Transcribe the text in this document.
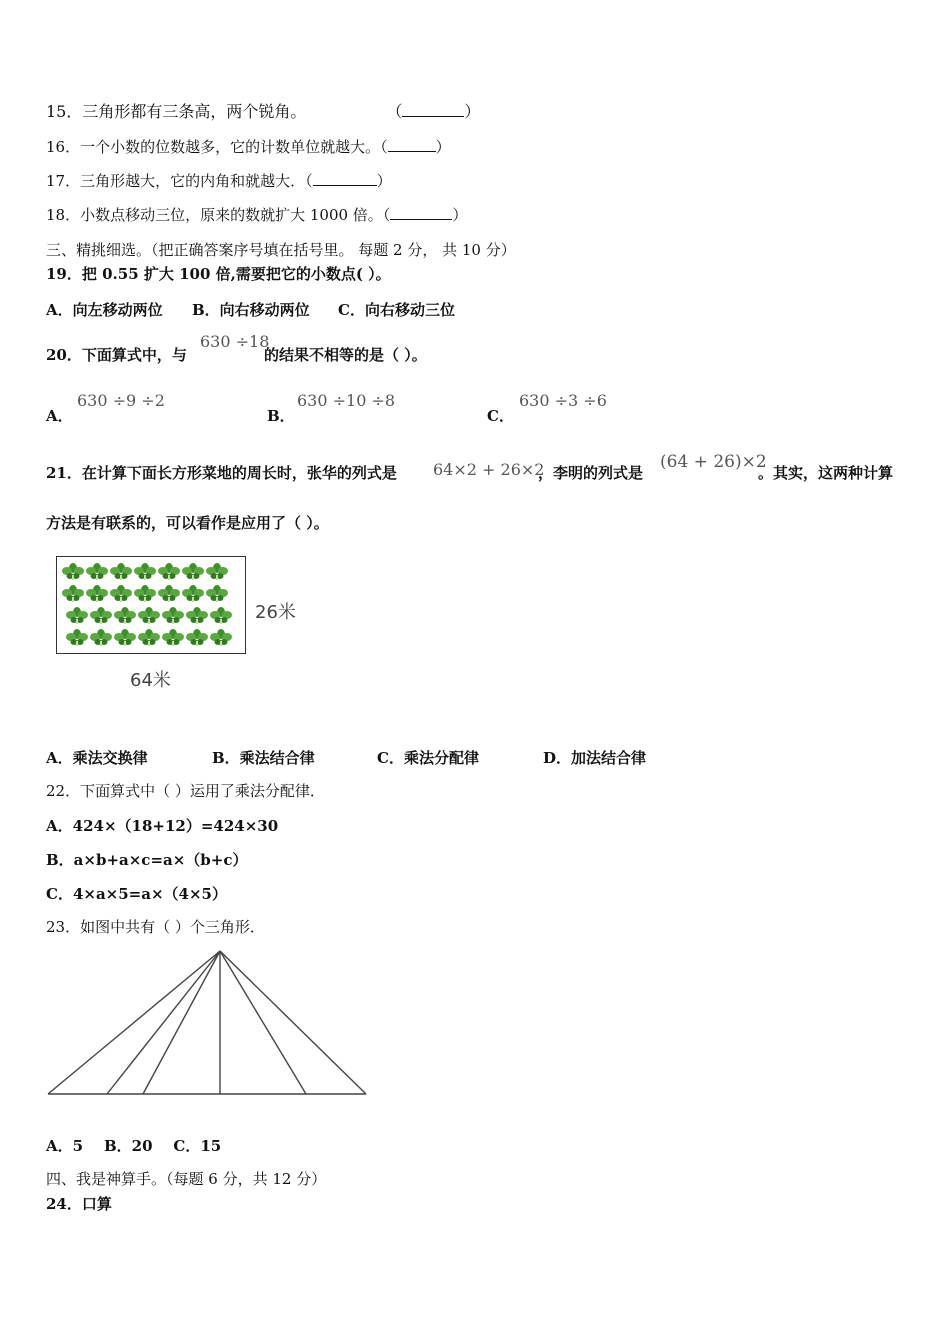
15．三角形都有三条高，两个锐角。	（	）
16．一个小数的位数越多，它的计数单位就越大。（	）
17．三角形越大，它的内角和就越大．（	）
18．小数点移动三位，原来的数就扩大 1000 倍。（	）
三、精挑细选。（把正确答案序号填在括号里。 每题 2 分， 共 10 分）
19．把 0.55 扩大 100 倍,需要把它的小数点( ）。
A．向左移动两位 B．向右移动两位 C．向右移动三位
20．下面算式中，与
630 ÷18
的结果不相等的是（ ）。
A．
630 ÷9 ÷2
B．
630 ÷10 ÷8
C．
630 ÷3 ÷6
21．在计算下面长方形菜地的周长时，张华的列式是 64×2 + 26×2
，李明的列式是
(64 + 26)×2
。其实，这两种计算
方法是有联系的，可以看作是应用了（ ）。
26米
64米
A．乘法交换律	B．乘法结合律	C．乘法分配律	D．加法结合律
22．下面算式中（ ）运用了乘法分配律．
A．424×（18+12）=424×30
B．a×b+a×c=a×（b+c）
C．4×a×5=a×（4×5）
23．如图中共有（ ）个三角形．
A．5    B．20    C．15
四、我是神算手。（每题 6 分，共 12 分）
24．口算
